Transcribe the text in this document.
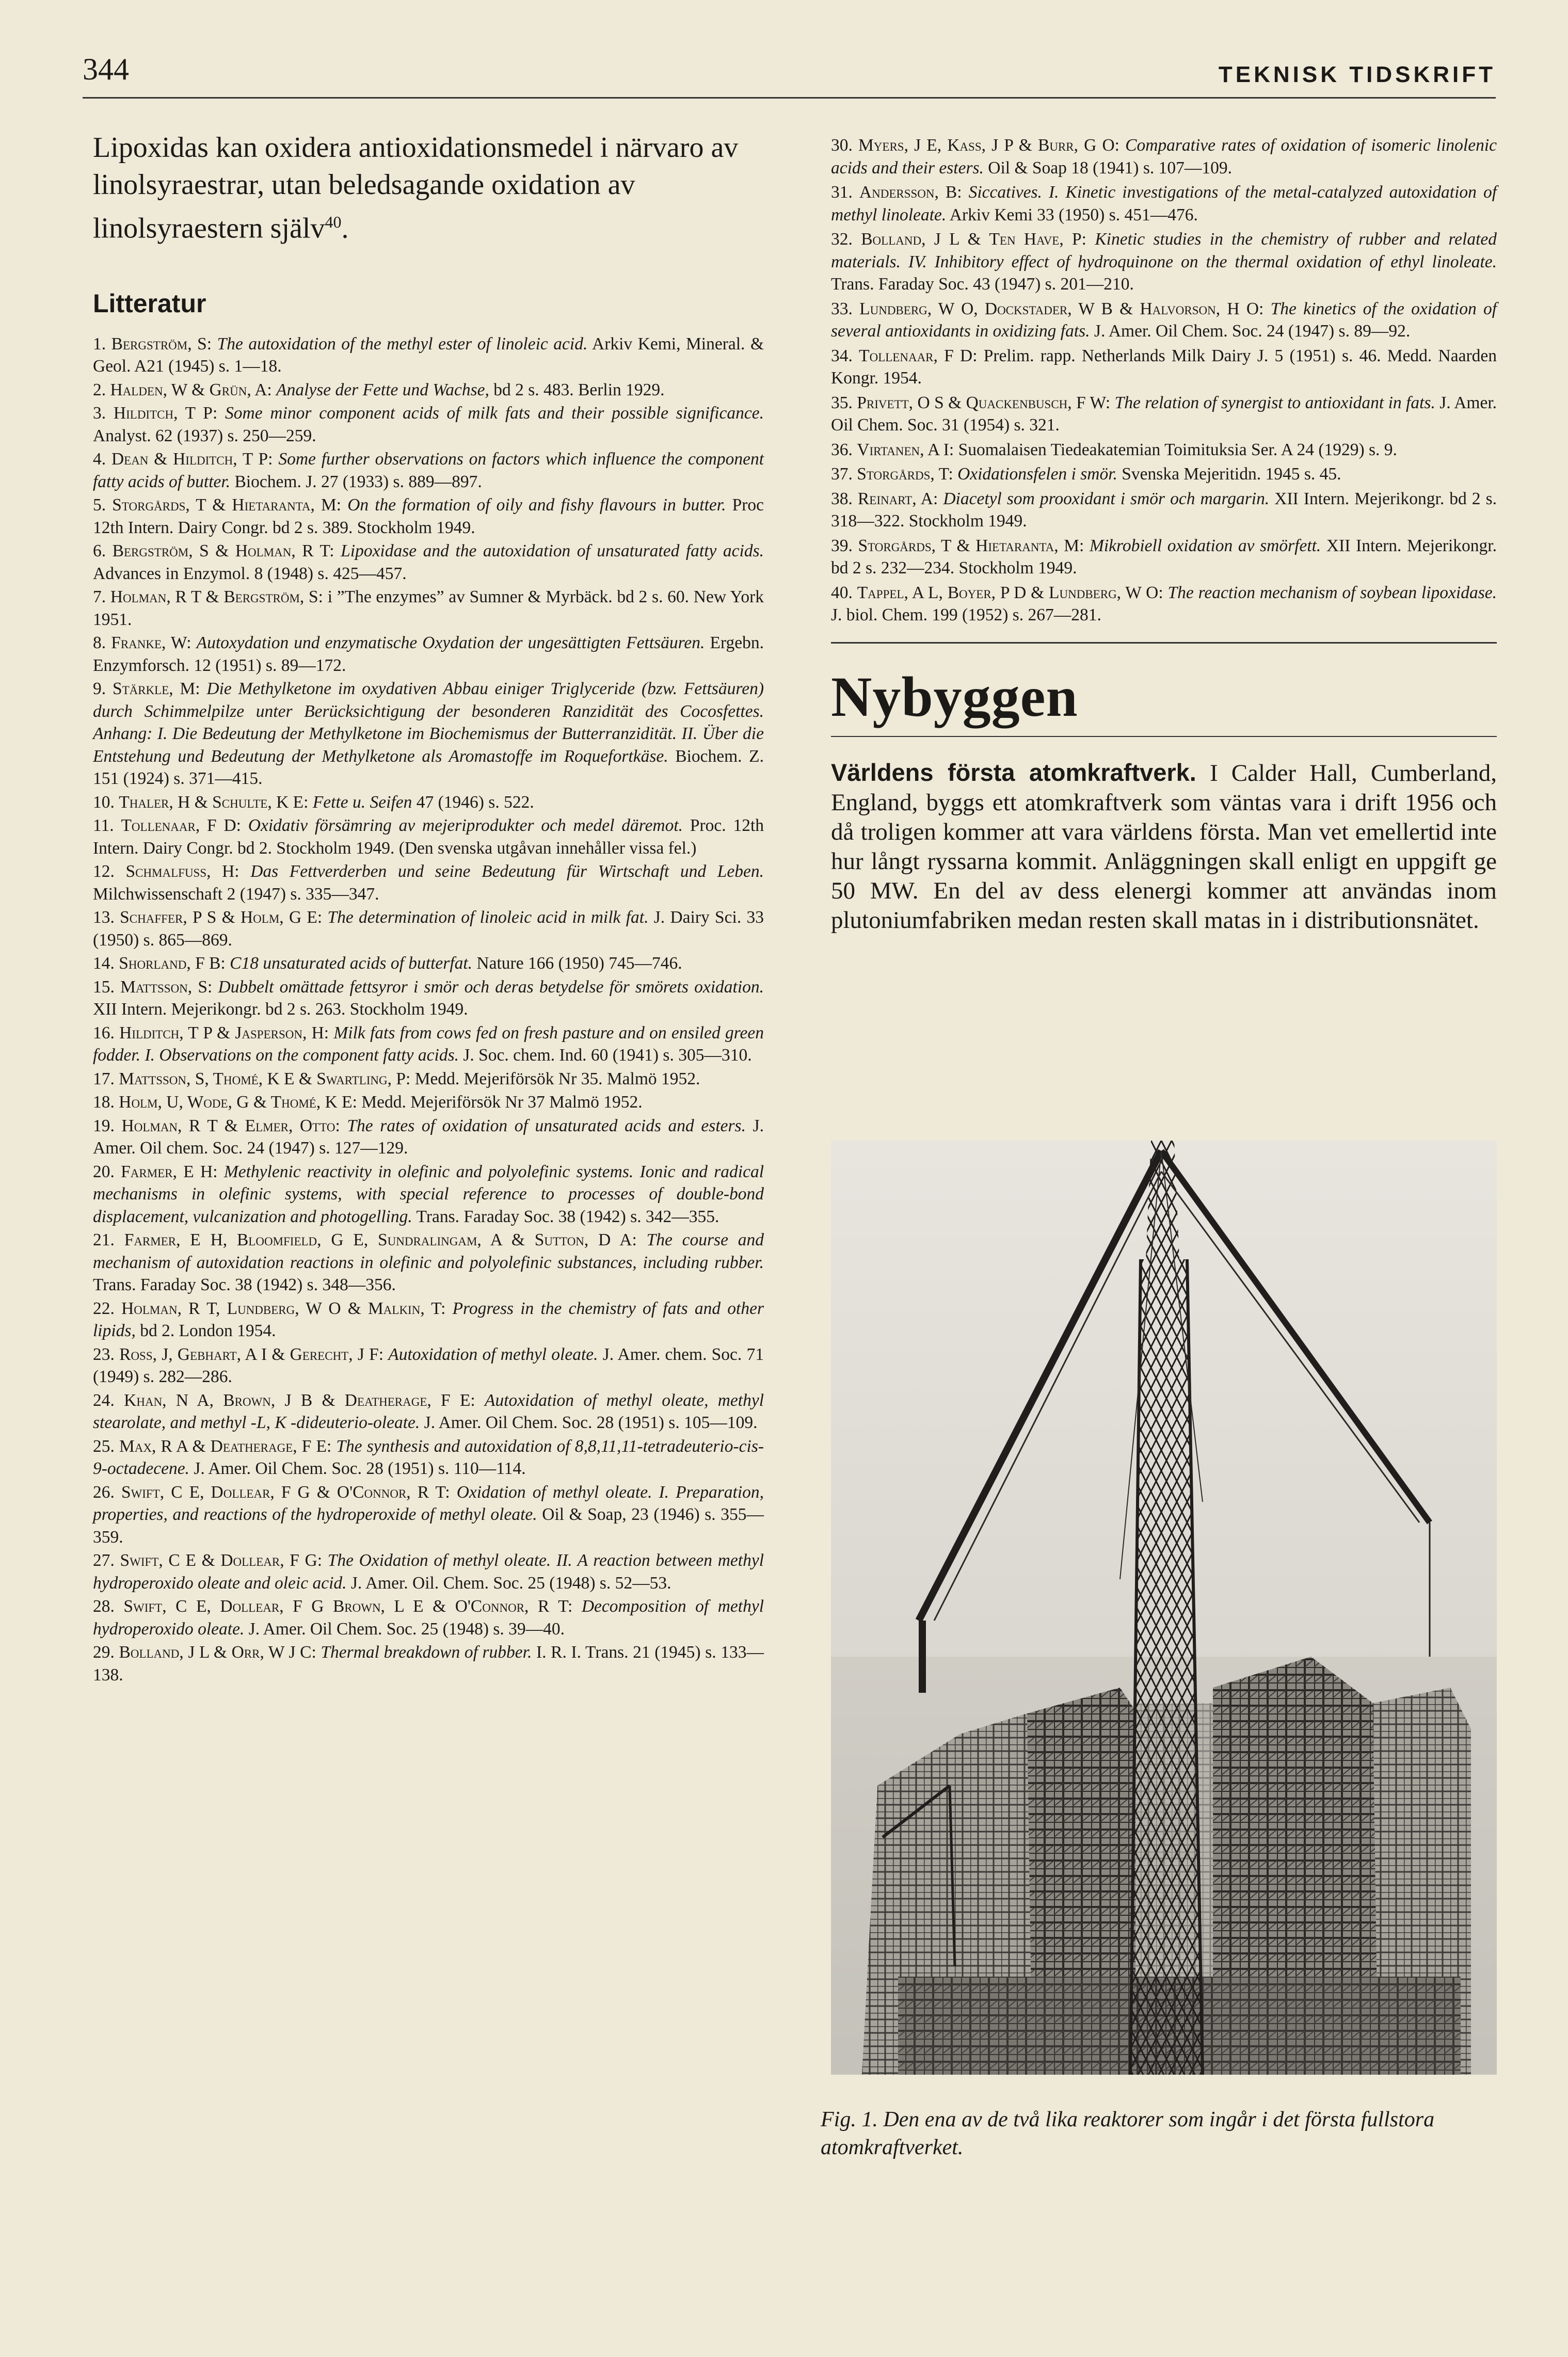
344	TEKNISK TIDSKRIFT

Lipoxidas kan oxidera antioxidationsmedel i närvaro av linolsyraestrar, utan beledsagande oxidation av linolsyraestern själv$^{40}$.

Litteratur
1. Bergström, S: The autoxidation of the methyl ester of linoleic acid. Arkiv Kemi, Mineral. & Geol. A21 (1945) s. 1—18.
2. Halden, W & Grün, A: Analyse der Fette und Wachse, bd 2 s. 483. Berlin 1929.
3. Hilditch, T P: Some minor component acids of milk fats and their possible significance. Analyst. 62 (1937) s. 250—259.
4. Dean & Hilditch, T P: Some further observations on factors which influence the component fatty acids of butter. Biochem. J. 27 (1933) s. 889—897.
5. Storgårds, T & Hietaranta, M: On the formation of oily and fishy flavours in butter. Proc 12th Intern. Dairy Congr. bd 2 s. 389. Stockholm 1949.
6. Bergström, S & Holman, R T: Lipoxidase and the autoxidation of unsaturated fatty acids. Advances in Enzymol. 8 (1948) s. 425—457.
7. Holman, R T & Bergström, S: i ”The enzymes” av Sumner & Myrbäck. bd 2 s. 60. New York 1951.
8. Franke, W: Autoxydation und enzymatische Oxydation der ungesättigten Fettsäuren. Ergebn. Enzymforsch. 12 (1951) s. 89—172.
9. Stärkle, M: Die Methylketone im oxydativen Abbau einiger Triglyceride (bzw. Fettsäuren) durch Schimmelpilze unter Berücksichtigung der besonderen Ranzidität des Cocosfettes. Anhang: I. Die Bedeutung der Methylketone im Biochemismus der Butterranzidität. II. Über die Entstehung und Bedeutung der Methylketone als Aromastoffe im Roquefortkäse. Biochem. Z. 151 (1924) s. 371—415.
10. Thaler, H & Schulte, K E: Fette u. Seifen 47 (1946) s. 522.
11. Tollenaar, F D: Oxidativ försämring av mejeriprodukter och medel däremot. Proc. 12th Intern. Dairy Congr. bd 2. Stockholm 1949. (Den svenska utgåvan innehåller vissa fel.)
12. Schmalfuss, H: Das Fettverderben und seine Bedeutung für Wirtschaft und Leben. Milchwissenschaft 2 (1947) s. 335—347.
13. Schaffer, P S & Holm, G E: The determination of linoleic acid in milk fat. J. Dairy Sci. 33 (1950) s. 865—869.
14. Shorland, F B: C18 unsaturated acids of butterfat. Nature 166 (1950) 745—746.
15. Mattsson, S: Dubbelt omättade fettsyror i smör och deras betydelse för smörets oxidation. XII Intern. Mejerikongr. bd 2 s. 263. Stockholm 1949.
16. Hilditch, T P & Jasperson, H: Milk fats from cows fed on fresh pasture and on ensiled green fodder. I. Observations on the component fatty acids. J. Soc. chem. Ind. 60 (1941) s. 305—310.
17. Mattsson, S, Thomé, K E & Swartling, P: Medd. Mejeriförsök Nr 35. Malmö 1952.
18. Holm, U, Wode, G & Thomé, K E: Medd. Mejeriförsök Nr 37 Malmö 1952.
19. Holman, R T & Elmer, Otto: The rates of oxidation of unsaturated acids and esters. J. Amer. Oil chem. Soc. 24 (1947) s. 127—129.
20. Farmer, E H: Methylenic reactivity in olefinic and polyolefinic systems. Ionic and radical mechanisms in olefinic systems, with special reference to processes of double-bond displacement, vulcanization and photogelling. Trans. Faraday Soc. 38 (1942) s. 342—355.
21. Farmer, E H, Bloomfield, G E, Sundralingam, A & Sutton, D A: The course and mechanism of autoxidation reactions in olefinic and polyolefinic substances, including rubber. Trans. Faraday Soc. 38 (1942) s. 348—356.
22. Holman, R T, Lundberg, W O & Malkin, T: Progress in the chemistry of fats and other lipids, bd 2. London 1954.
23. Ross, J, Gebhart, A I & Gerecht, J F: Autoxidation of methyl oleate. J. Amer. chem. Soc. 71 (1949) s. 282—286.
24. Khan, N A, Brown, J B & Deatherage, F E: Autoxidation of methyl oleate, methyl stearolate, and methyl -L, K -dideuterio-oleate. J. Amer. Oil Chem. Soc. 28 (1951) s. 105—109.
25. Max, R A & Deatherage, F E: The synthesis and autoxidation of 8,8,11,11-tetradeuterio-cis-9-octadecene. J. Amer. Oil Chem. Soc. 28 (1951) s. 110—114.
26. Swift, C E, Dollear, F G & O'Connor, R T: Oxidation of methyl oleate. I. Preparation, properties, and reactions of the hydroperoxide of methyl oleate. Oil & Soap, 23 (1946) s. 355—359.
27. Swift, C E & Dollear, F G: The Oxidation of methyl oleate. II. A reaction between methyl hydroperoxido oleate and oleic acid. J. Amer. Oil. Chem. Soc. 25 (1948) s. 52—53.
28. Swift, C E, Dollear, F G Brown, L E & O'Connor, R T: Decomposition of methyl hydroperoxido oleate. J. Amer. Oil Chem. Soc. 25 (1948) s. 39—40.
29. Bolland, J L & Orr, W J C: Thermal breakdown of rubber. I. R. I. Trans. 21 (1945) s. 133—138.
30. Myers, J E, Kass, J P & Burr, G O: Comparative rates of oxidation of isomeric linolenic acids and their esters. Oil & Soap 18 (1941) s. 107—109.
31. Andersson, B: Siccatives. I. Kinetic investigations of the metal-catalyzed autoxidation of methyl linoleate. Arkiv Kemi 33 (1950) s. 451—476.
32. Bolland, J L & Ten Have, P: Kinetic studies in the chemistry of rubber and related materials. IV. Inhibitory effect of hydroquinone on the thermal oxidation of ethyl linoleate. Trans. Faraday Soc. 43 (1947) s. 201—210.
33. Lundberg, W O, Dockstader, W B & Halvorson, H O: The kinetics of the oxidation of several antioxidants in oxidizing fats. J. Amer. Oil Chem. Soc. 24 (1947) s. 89—92.
34. Tollenaar, F D: Prelim. rapp. Netherlands Milk Dairy J. 5 (1951) s. 46. Medd. Naarden Kongr. 1954.
35. Privett, O S & Quackenbusch, F W: The relation of synergist to antioxidant in fats. J. Amer. Oil Chem. Soc. 31 (1954) s. 321.
36. Virtanen, A I: Suomalaisen Tiedeakatemian Toimituksia Ser. A 24 (1929) s. 9.
37. Storgårds, T: Oxidationsfelen i smör. Svenska Mejeritidn. 1945 s. 45.
38. Reinart, A: Diacetyl som prooxidant i smör och margarin. XII Intern. Mejerikongr. bd 2 s. 318—322. Stockholm 1949.
39. Storgårds, T & Hietaranta, M: Mikrobiell oxidation av smörfett. XII Intern. Mejerikongr. bd 2 s. 232—234. Stockholm 1949.
40. Tappel, A L, Boyer, P D & Lundberg, W O: The reaction mechanism of soybean lipoxidase. J. biol. Chem. 199 (1952) s. 267—281.
Nybyggen

Världens första atomkraftverk. I Calder Hall, Cumberland, England, byggs ett atomkraftverk som väntas vara i drift 1956 och då troligen kommer att vara världens första. Man vet emellertid inte hur långt ryssarna kommit. Anläggningen skall enligt en uppgift ge 50 MW. En del av dess elenergi kommer att användas inom plutoniumfabriken medan resten skall matas in i distributionsnätet.

Fig. 1. Den ena av de två lika reaktorer som ingår i det första fullstora atomkraftverket.
